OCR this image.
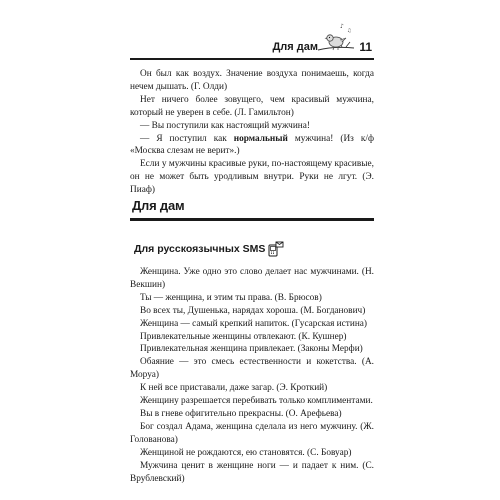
♪
♫
Для дам	11

Он был как воздух. Значение воздуха понимаешь, когда нечем дышать. (Г. Олди)

Нет ничего более зовущего, чем красивый мужчина, который не уверен в себе. (Л. Гамильтон)

— Вы поступили как настоящий мужчина!

— Я поступил как нормальный мужчина! (Из к/ф «Москва слезам не верит».)

Если у мужчины красивые руки, по-настоящему красивые, он не может быть уродливым внутри. Руки не лгут. (Э. Пиаф)

Для дам
Для русскоязычных SMS

Женщина. Уже одно это слово делает нас мужчинами. (Н. Векшин)

Ты — женщина, и этим ты права. (В. Брюсов)

Во всех ты, Душенька, нарядах хороша. (М. Богданович)

Женщина — самый крепкий напиток. (Гусарская истина)

Привлекательные женщины отвлекают. (К. Кушнер)

Привлекательная женщина привлекает. (Законы Мерфи)

Обаяние — это смесь естественности и кокетства. (А. Моруа)

К ней все приставали, даже загар. (Э. Кроткий)

Женщину разрешается перебивать только комплиментами.

Вы в гневе офигительно прекрасны. (О. Арефьева)

Бог создал Адама, женщина сделала из него мужчину. (Ж. Голованова)

Женщиной не рождаются, ею становятся. (С. Бовуар)

Мужчина ценит в женщине ноги — и падает к ним. (С. Врублевский)
